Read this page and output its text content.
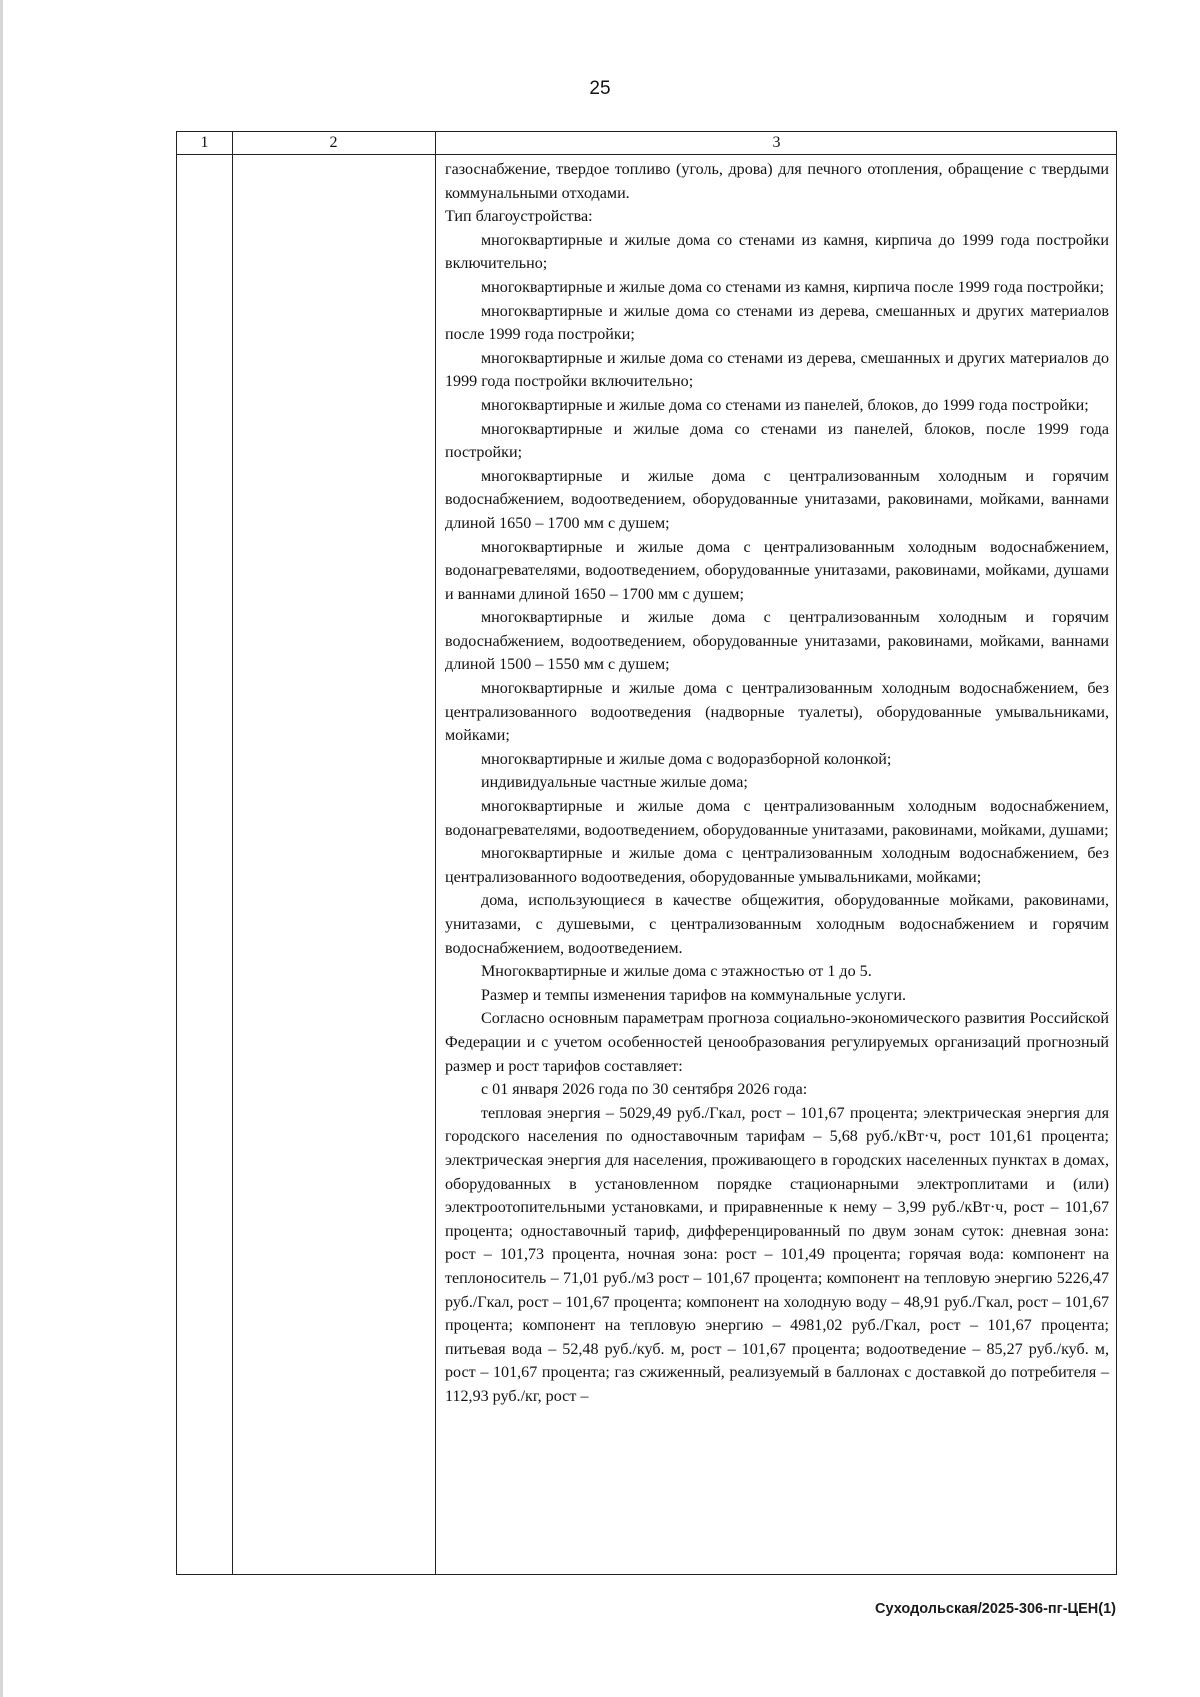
25
1	2	3

газоснабжение, твердое топливо (уголь, дрова) для печного отопления, обращение с твердыми коммунальными отходами.

Тип благоустройства:

многоквартирные и жилые дома со стенами из камня, кирпича до 1999 года постройки включительно;

многоквартирные и жилые дома со стенами из камня, кирпича после 1999 года постройки;

многоквартирные и жилые дома со стенами из дерева, смешанных и других материалов после 1999 года постройки;

многоквартирные и жилые дома со стенами из дерева, смешанных и других материалов до 1999 года постройки включительно;

многоквартирные и жилые дома со стенами из панелей, блоков, до 1999 года постройки;

многоквартирные и жилые дома со стенами из панелей, блоков, после 1999 года постройки;

многоквартирные и жилые дома с централизованным холодным и горячим водоснабжением, водоотведением, оборудованные унитазами, раковинами, мойками, ваннами длиной 1650 – 1700 мм с душем;

многоквартирные и жилые дома с централизованным холодным водоснабжением, водонагревателями, водоотведением, оборудованные унитазами, раковинами, мойками, душами и ваннами длиной 1650 – 1700 мм с душем;

многоквартирные и жилые дома с централизованным холодным и горячим водоснабжением, водоотведением, оборудованные унитазами, раковинами, мойками, ваннами длиной 1500 – 1550 мм с душем;

многоквартирные и жилые дома с централизованным холодным водоснабжением, без централизованного водоотведения (надворные туалеты), оборудованные умывальниками, мойками;

многоквартирные и жилые дома с водоразборной колонкой;

индивидуальные частные жилые дома;

многоквартирные и жилые дома с централизованным холодным водоснабжением, водонагревателями, водоотведением, оборудованные унитазами, раковинами, мойками, душами;

многоквартирные и жилые дома с централизованным холодным водоснабжением, без централизованного водоотведения, оборудованные умывальниками, мойками;

дома, использующиеся в качестве общежития, оборудованные мойками, раковинами, унитазами, с душевыми, с централизованным холодным водоснабжением и горячим водоснабжением, водоотведением.

Многоквартирные и жилые дома с этажностью от 1 до 5.

Размер и темпы изменения тарифов на коммунальные услуги.

Согласно основным параметрам прогноза социально-экономического развития Российской Федерации и с учетом особенностей ценообразования регулируемых организаций прогнозный размер и рост тарифов составляет:

с 01 января 2026 года по 30 сентября 2026 года:

тепловая энергия – 5029,49 руб./Гкал, рост – 101,67 процента; электрическая энергия для городского населения по одноставочным тарифам – 5,68 руб./кВт·ч, рост 101,61 процента; электрическая энергия для населения, проживающего в городских населенных пунктах в домах, оборудованных в установленном порядке стационарными электроплитами и (или) электроотопительными установками, и приравненные к нему – 3,99 руб./кВт·ч, рост – 101,67 процента; одноставочный тариф, дифференцированный по двум зонам суток: дневная зона: рост – 101,73 процента, ночная зона: рост – 101,49 процента; горячая вода: компонент на теплоноситель – 71,01 руб./м3 рост – 101,67 процента; компонент на тепловую энергию 5226,47 руб./Гкал, рост – 101,67 процента; компонент на холодную воду – 48,91 руб./Гкал, рост – 101,67 процента; компонент на тепловую энергию – 4981,02 руб./Гкал, рост – 101,67 процента; питьевая вода – 52,48 руб./куб. м, рост – 101,67 процента; водоотведение – 85,27 руб./куб. м, рост – 101,67 процента; газ сжиженный, реализуемый в баллонах с доставкой до потребителя – 112,93 руб./кг, рост –

Суходольская/2025-306-пг-ЦЕН(1)
